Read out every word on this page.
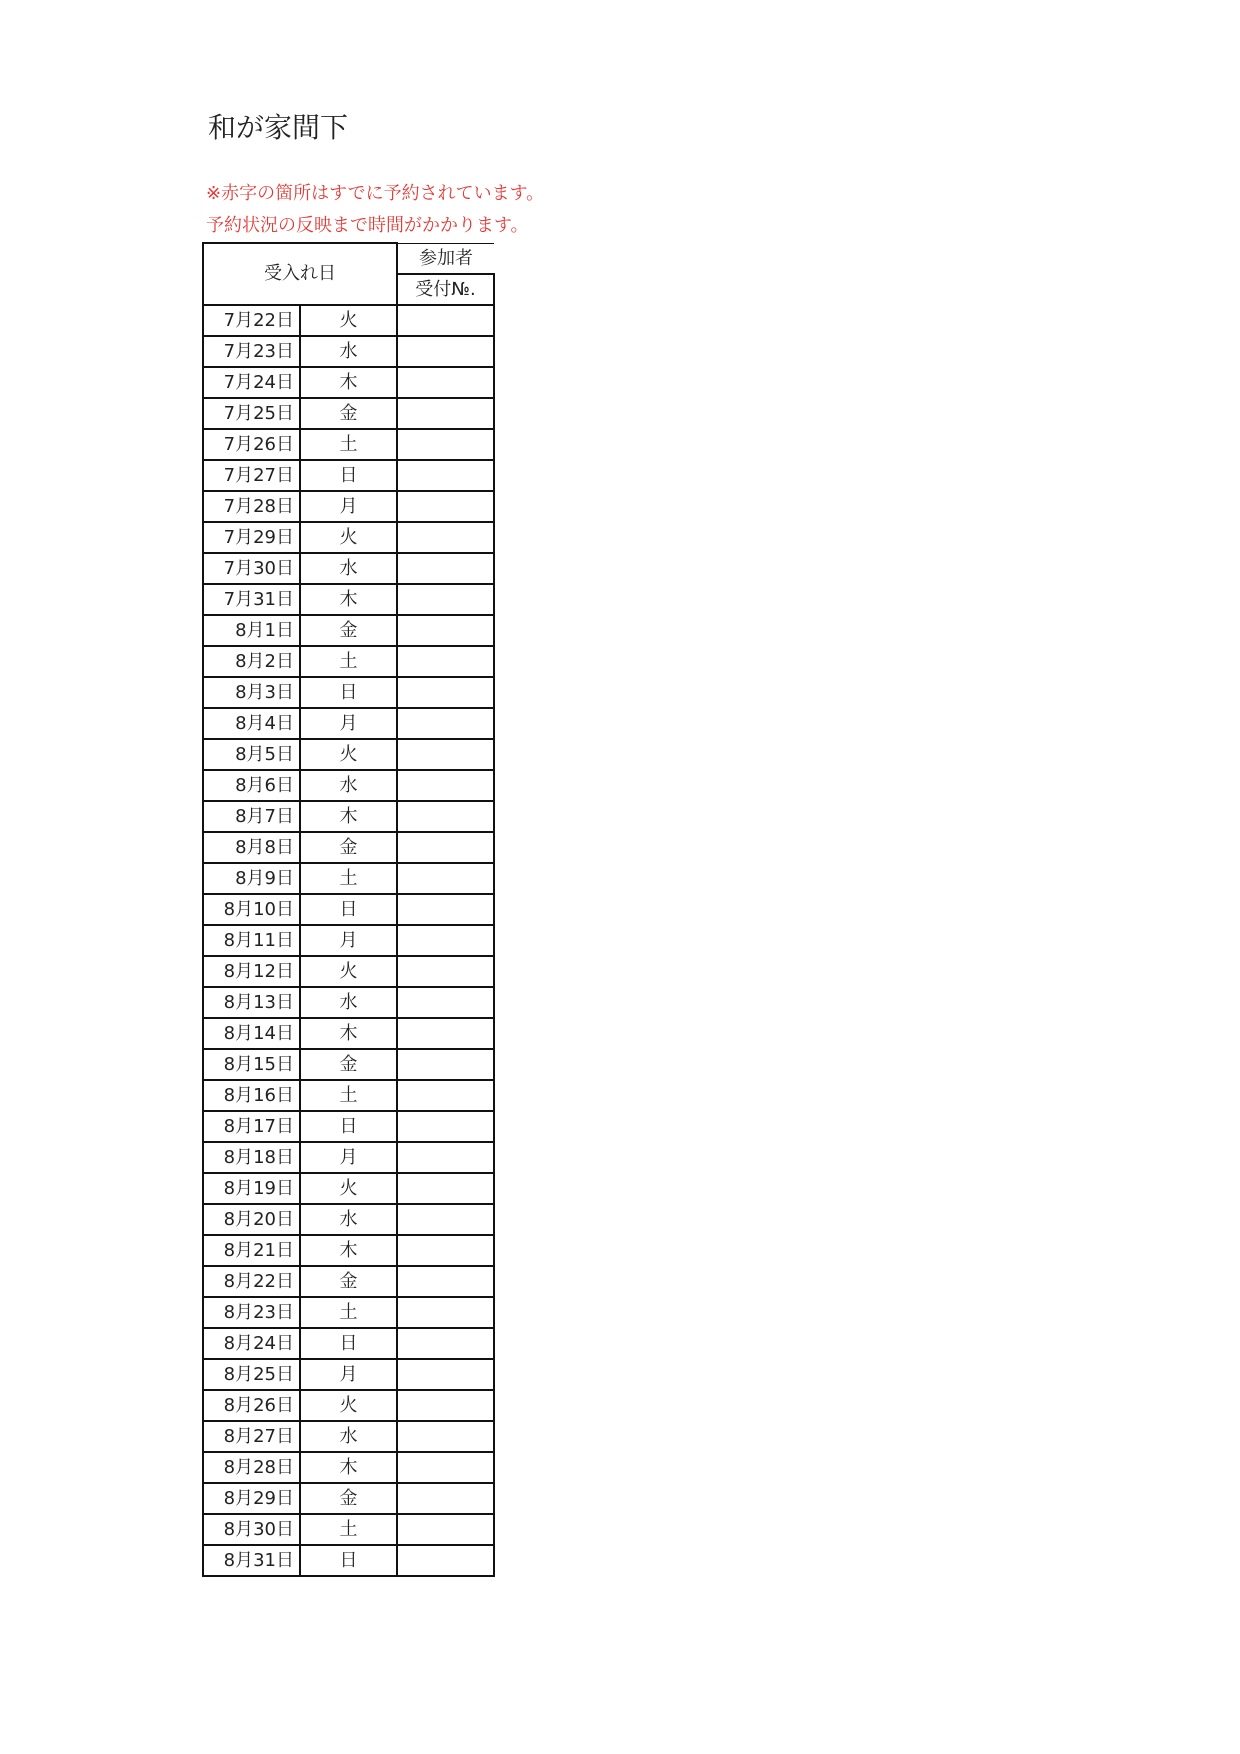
和が家間下
※赤字の箇所はすでに予約されています。
予約状況の反映まで時間がかかります。
受入れ日		参加者
		受付№.
7月22日	火	
7月23日	水	
7月24日	木	
7月25日	金	
7月26日	土	
7月27日	日	
7月28日	月	
7月29日	火	
7月30日	水	
7月31日	木	
8月1日	金	
8月2日	土	
8月3日	日	
8月4日	月	
8月5日	火	
8月6日	水	
8月7日	木	
8月8日	金	
8月9日	土	
8月10日	日	
8月11日	月	
8月12日	火	
8月13日	水	
8月14日	木	
8月15日	金	
8月16日	土	
8月17日	日	
8月18日	月	
8月19日	火	
8月20日	水	
8月21日	木	
8月22日	金	
8月23日	土	
8月24日	日	
8月25日	月	
8月26日	火	
8月27日	水	
8月28日	木	
8月29日	金	
8月30日	土	
8月31日	日	
